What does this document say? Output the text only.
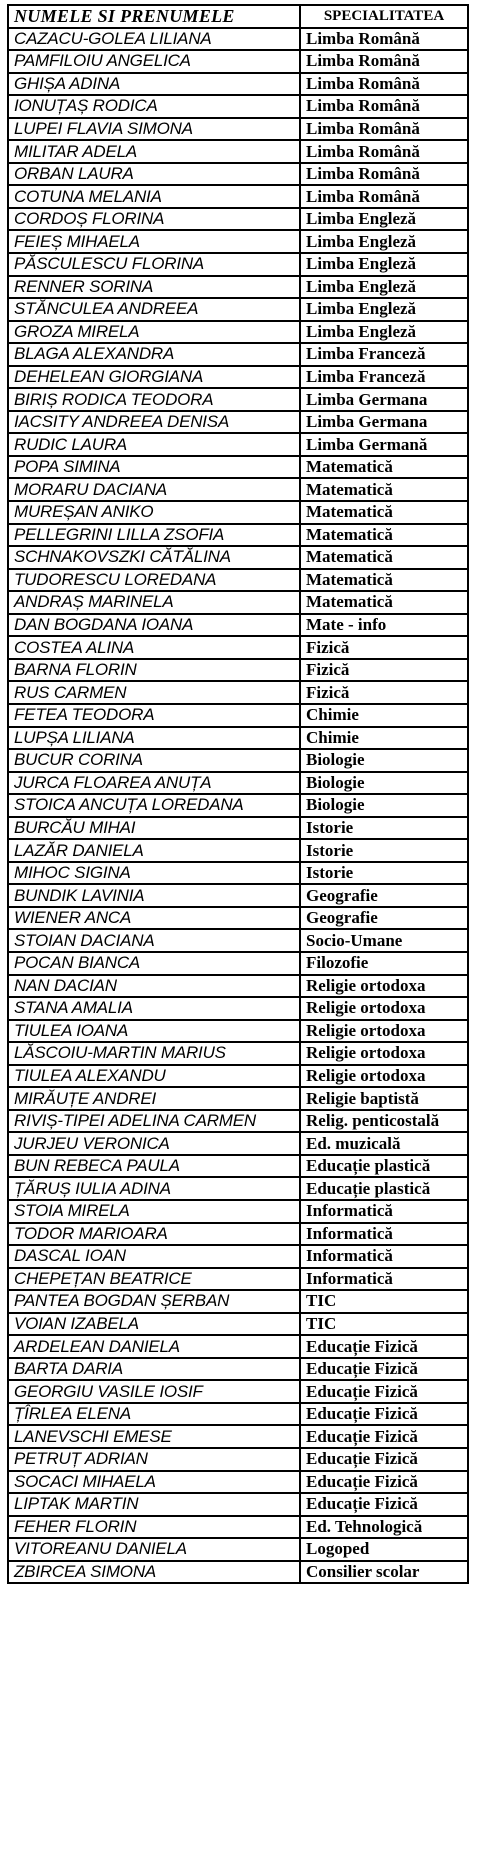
NUMELE SI PRENUMELE	SPECIALITATEA
CAZACU-GOLEA LILIANA	Limba Română
PAMFILOIU ANGELICA	Limba Română
GHIȘA ADINA	Limba Română
IONUȚAȘ RODICA	Limba Română
LUPEI FLAVIA SIMONA	Limba Română
MILITAR ADELA	Limba Română
ORBAN LAURA	Limba Română
COTUNA MELANIA	Limba Română
CORDOȘ FLORINA	Limba Engleză
FEIEȘ MIHAELA	Limba Engleză
PĂSCULESCU FLORINA	Limba Engleză
RENNER SORINA	Limba Engleză
STĂNCULEA ANDREEA	Limba Engleză
GROZA MIRELA	Limba Engleză
BLAGA ALEXANDRA	Limba Franceză
DEHELEAN GIORGIANA	Limba Franceză
BIRIȘ RODICA TEODORA	Limba Germana
IACSITY ANDREEA DENISA	Limba Germana
RUDIC LAURA	Limba Germană
POPA SIMINA	Matematică
MORARU DACIANA	Matematică
MUREȘAN ANIKO	Matematică
PELLEGRINI LILLA ZSOFIA	Matematică
SCHNAKOVSZKI CĂTĂLINA	Matematică
TUDORESCU LOREDANA	Matematică
ANDRAȘ MARINELA	Matematică
DAN BOGDANA IOANA	Mate - info
COSTEA ALINA	Fizică
BARNA FLORIN	Fizică
RUS CARMEN	Fizică
FETEA TEODORA	Chimie
LUPȘA LILIANA	Chimie
BUCUR CORINA	Biologie
JURCA FLOAREA ANUȚA	Biologie
STOICA ANCUȚA LOREDANA	Biologie
BURCĂU MIHAI	Istorie
LAZĂR DANIELA	Istorie
MIHOC SIGINA	Istorie
BUNDIK LAVINIA	Geografie
WIENER ANCA	Geografie
STOIAN DACIANA	Socio-Umane
POCAN BIANCA	Filozofie
NAN DACIAN	Religie ortodoxa
STANA AMALIA	Religie ortodoxa
TIULEA IOANA	Religie ortodoxa
LĂSCOIU-MARTIN MARIUS	Religie ortodoxa
TIULEA ALEXANDU	Religie ortodoxa
MIRĂUȚE ANDREI	Religie baptistă
RIVIȘ-TIPEI ADELINA CARMEN	Relig. penticostală
JURJEU VERONICA	Ed. muzicală
BUN REBECA PAULA	Educație plastică
ȚĂRUȘ IULIA ADINA	Educație plastică
STOIA MIRELA	Informatică
TODOR MARIOARA	Informatică
DASCAL IOAN	Informatică
CHEPEȚAN BEATRICE	Informatică
PANTEA BOGDAN ȘERBAN	TIC
VOIAN IZABELA	TIC
ARDELEAN DANIELA	Educație Fizică
BARTA DARIA	Educație Fizică
GEORGIU VASILE IOSIF	Educație Fizică
ȚÎRLEA ELENA	Educație Fizică
LANEVSCHI EMESE	Educație Fizică
PETRUȚ ADRIAN	Educație Fizică
SOCACI MIHAELA	Educație Fizică
LIPTAK MARTIN	Educație Fizică
FEHER FLORIN	Ed. Tehnologică
VITOREANU DANIELA	Logoped
ZBIRCEA SIMONA	Consilier scolar
